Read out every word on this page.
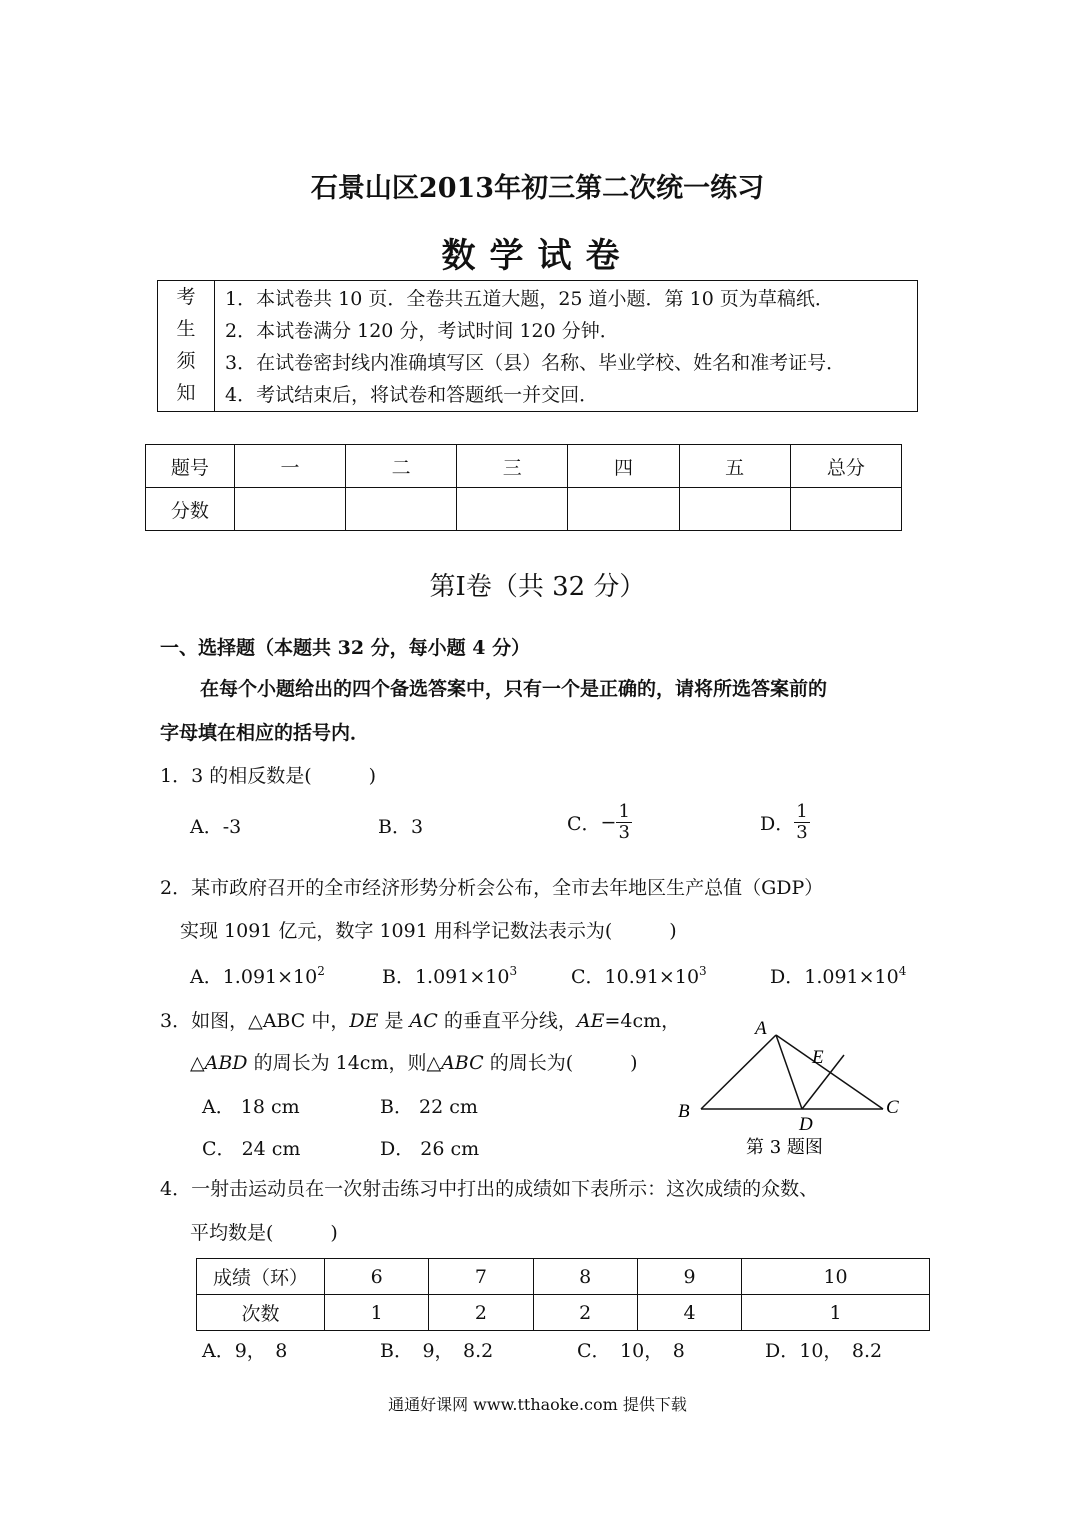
石景山区2013年初三第二次统一练习
数学试卷
考
生
须
知

1．本试卷共 10 页．全卷共五道大题，25 道小题．第 10 页为草稿纸．
2．本试卷满分 120 分，考试时间 120 分钟．
3．在试卷密封线内准确填写区（县）名称、毕业学校、姓名和准考证号．
4．考试结束后，将试卷和答题纸一并交回．
题号	一	二	三	四	五	总分
分数						
第Ⅰ卷（共 32 分）
一、选择题（本题共 32 分，每小题 4 分）
在每个小题给出的四个备选答案中，只有一个是正确的，请将所选答案前的
字母填在相应的括号内．
1．3 的相反数是(　　　)
A．-3	B．3	C．− $\frac{1}{3}$	D． $\frac{1}{3}$
2．某市政府召开的全市经济形势分析会公布，全市去年地区生产总值（GDP）
实现 1091 亿元，数字 1091 用科学记数法表示为(　　　)
A．$1.091\times 10^2$	B．$1.091\times 10^3$	C．$10.91\times 10^3$	D．$1.091\times 10^4$
3．如图，△ABC 中，DE 是 AC 的垂直平分线，AE=4cm，
△ABD 的周长为 14cm，则△ABC 的周长为(　　　)
A． 18 cm	B． 22 cm
C． 24 cm	D． 26 cm
A
B	C
D
E
第 3 题图
4．一射击运动员在一次射击练习中打出的成绩如下表所示：这次成绩的众数、
平均数是(　　　)
成绩（环）	6	7	8	9	10
次数	1	2	2	4	1
A．9，　8	B．　9，　8.2	C．　10，　8	D．10，　8.2
通通好课网 www.tthaoke.com 提供下载
